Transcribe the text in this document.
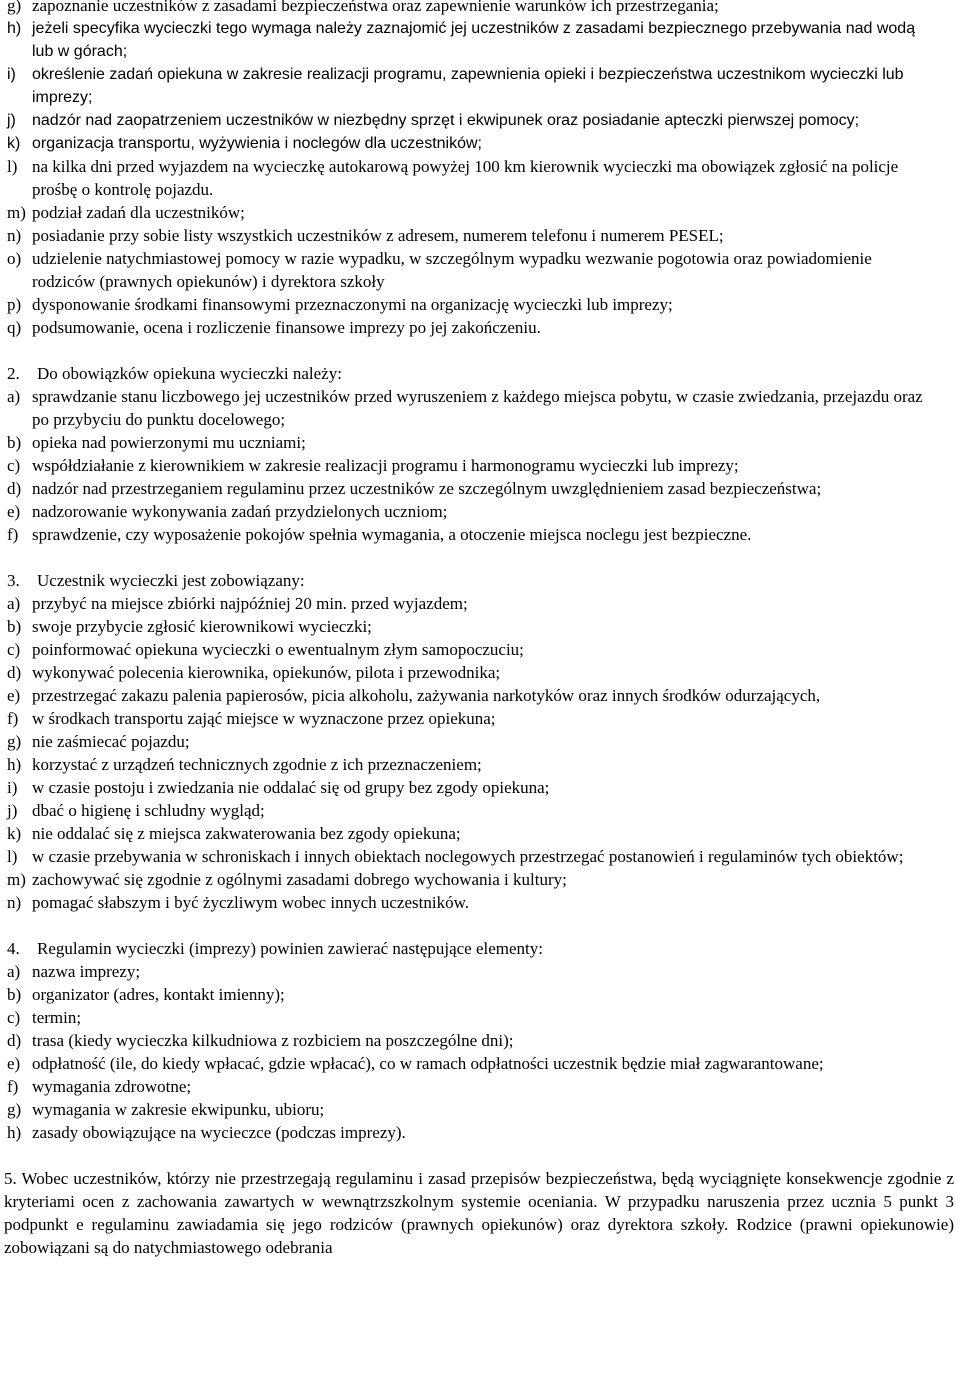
g) zapoznanie uczestników z zasadami bezpieczeństwa oraz zapewnienie warunków ich przestrzegania;
h) jeżeli specyfika wycieczki tego wymaga należy zaznajomić jej uczestników z zasadami bezpiecznego przebywania nad wodą lub w górach;
i)	określenie zadań opiekuna w zakresie realizacji programu, zapewnienia opieki i bezpieczeństwa uczestnikom wycieczki lub imprezy;
j)	nadzór nad zaopatrzeniem uczestników w niezbędny sprzęt i ekwipunek oraz posiadanie apteczki pierwszej pomocy;
k) organizacja transportu, wyżywienia i noclegów dla uczestników;
l) na kilka dni przed wyjazdem na wycieczkę autokarową powyżej 100 km kierownik wycieczki ma obowiązek zgłosić na policje prośbę o kontrolę pojazdu.
m) podział zadań dla uczestników;
n) posiadanie przy sobie listy wszystkich uczestników z adresem, numerem telefonu i numerem PESEL;
o) udzielenie natychmiastowej pomocy w razie wypadku, w szczególnym wypadku wezwanie pogotowia oraz powiadomienie rodziców (prawnych opiekunów) i dyrektora szkoły
p) dysponowanie środkami finansowymi przeznaczonymi na organizację wycieczki lub imprezy;
q) podsumowanie, ocena i rozliczenie finansowe imprezy po jej zakończeniu.
2. Do obowiązków opiekuna wycieczki należy:
a) sprawdzanie stanu liczbowego jej uczestników przed wyruszeniem z każdego miejsca pobytu, w czasie zwiedzania, przejazdu oraz po przybyciu do punktu docelowego;
b) opieka nad powierzonymi mu uczniami;
c) współdziałanie z kierownikiem w zakresie realizacji programu i harmonogramu wycieczki lub imprezy;
d) nadzór nad przestrzeganiem regulaminu przez uczestników ze szczególnym uwzględnieniem zasad bezpieczeństwa;
e) nadzorowanie wykonywania zadań przydzielonych uczniom;
f) sprawdzenie, czy wyposażenie pokojów spełnia wymagania, a otoczenie miejsca noclegu jest bezpieczne.
3. Uczestnik wycieczki jest zobowiązany:
a) przybyć na miejsce zbiórki najpóźniej 20 min. przed wyjazdem;
b) swoje przybycie zgłosić kierownikowi wycieczki;
c) poinformować opiekuna wycieczki o ewentualnym złym samopoczuciu;
d) wykonywać polecenia kierownika, opiekunów, pilota i przewodnika;
e) przestrzegać zakazu palenia papierosów, picia alkoholu, zażywania narkotyków oraz innych środków odurzających,
f) w środkach transportu zająć miejsce w wyznaczone przez opiekuna;
g) nie zaśmiecać pojazdu;
h) korzystać z urządzeń technicznych zgodnie z ich przeznaczeniem;
i) w czasie postoju i zwiedzania nie oddalać się od grupy bez zgody opiekuna;
j) dbać o higienę i schludny wygląd;
k) nie oddalać się z miejsca zakwaterowania bez zgody opiekuna;
l) w czasie przebywania w schroniskach i innych obiektach noclegowych przestrzegać postanowień i regulaminów tych obiektów;
m) zachowywać się zgodnie z ogólnymi zasadami dobrego wychowania i kultury;
n) pomagać słabszym i być życzliwym wobec innych uczestników.
4. Regulamin wycieczki (imprezy) powinien zawierać następujące elementy:
a) nazwa imprezy;
b) organizator (adres, kontakt imienny);
c) termin;
d) trasa (kiedy wycieczka kilkudniowa z rozbiciem na poszczególne dni);
e) odpłatność (ile, do kiedy wpłacać, gdzie wpłacać), co w ramach odpłatności uczestnik będzie miał zagwarantowane;
f) wymagania zdrowotne;
g) wymagania w zakresie ekwipunku, ubioru;
h) zasady obowiązujące na wycieczce (podczas imprezy).
5. Wobec uczestników, którzy nie przestrzegają regulaminu i zasad przepisów bezpieczeństwa, będą wyciągnięte konsekwencje zgodnie z kryteriami ocen z zachowania zawartych w wewnątrzszkolnym systemie oceniania. W przypadku naruszenia przez ucznia 5 punkt 3 podpunkt e regulaminu zawiadamia się jego rodziców (prawnych opiekunów) oraz dyrektora szkoły. Rodzice (prawni opiekunowie) zobowiązani są do natychmiastowego odebrania
